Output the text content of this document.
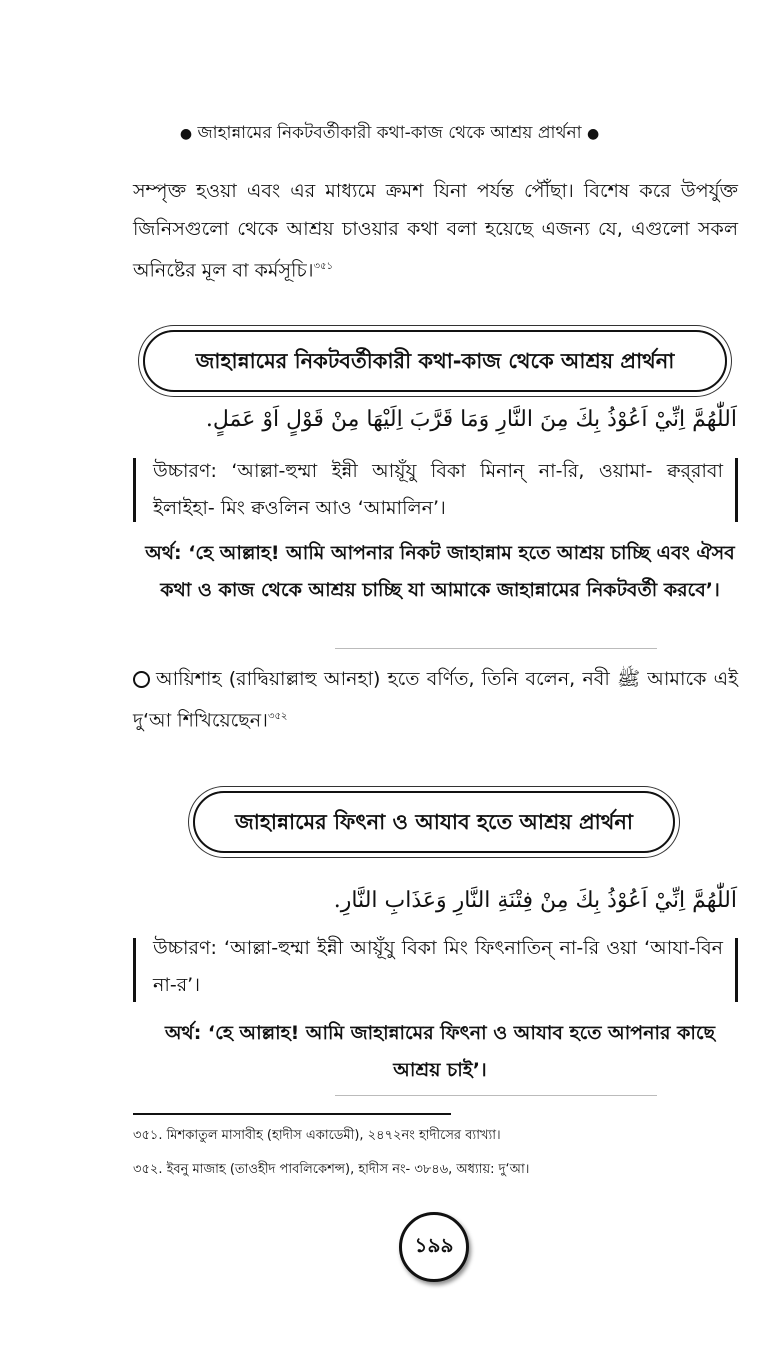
● জাহান্নামের নিকটবর্তীকারী কথা-কাজ থেকে আশ্রয় প্রার্থনা ●
সম্পৃক্ত হওয়া এবং এর মাধ্যমে ক্রমশ যিনা পর্যন্ত পৌঁছা। বিশেষ করে উপর্যুক্ত জিনিসগুলো থেকে আশ্রয় চাওয়ার কথা বলা হয়েছে এজন্য যে, এগুলো সকল অনিষ্টের মূল বা কর্মসূচি।$^{৩৫১}$
জাহান্নামের নিকটবর্তীকারী কথা-কাজ থেকে আশ্রয় প্রার্থনা
اَللّٰهُمَّ اِنِّيْ اَعُوْذُ بِكَ مِنَ النَّارِ وَمَا قَرَّبَ اِلَيْهَا مِنْ قَوْلٍ اَوْ عَمَلٍ.
উচ্চারণ: ‘আল্লা-হুম্মা ইন্নী আয়ূঁযু বিকা মিনান্ না-রি, ওয়ামা- ক্বর্‌রাবা ইলাইহা- মিং ক্বওলিন আও ‘আমালিন’।
অর্থ: ‘হে আল্লাহ! আমি আপনার নিকট জাহান্নাম হতে আশ্রয় চাচ্ছি এবং ঐসব কথা ও কাজ থেকে আশ্রয় চাচ্ছি যা আমাকে জাহান্নামের নিকটবর্তী করবে’।
আয়িশাহ (রাদ্বিয়াল্লাহু আনহা) হতে বর্ণিত, তিনি বলেন, নবী ﷺ আমাকে এই দু‘আ শিখিয়েছেন।$^{৩৫২}$
জাহান্নামের ফিৎনা ও আযাব হতে আশ্রয় প্রার্থনা
اَللّٰهُمَّ اِنِّيْ اَعُوْذُ بِكَ مِنْ فِتْنَةِ النَّارِ وَعَذَابِ النَّارِ.
উচ্চারণ: ‘আল্লা-হুম্মা ইন্নী আয়ূঁযু বিকা মিং ফিৎনাতিন্ না-রি ওয়া ‘আযা-বিন না-র’।
অর্থ: ‘হে আল্লাহ! আমি জাহান্নামের ফিৎনা ও আযাব হতে আপনার কাছে আশ্রয় চাই’।
৩৫১. মিশকাতুল মাসাবীহ (হাদীস একাডেমী), ২৪৭২নং হাদীসের ব্যাখ্যা।
৩৫২. ইবনু মাজাহ (তাওহীদ পাবলিকেশন্স), হাদীস নং- ৩৮৪৬, অধ্যায়: দু‘আ।
১৯৯
